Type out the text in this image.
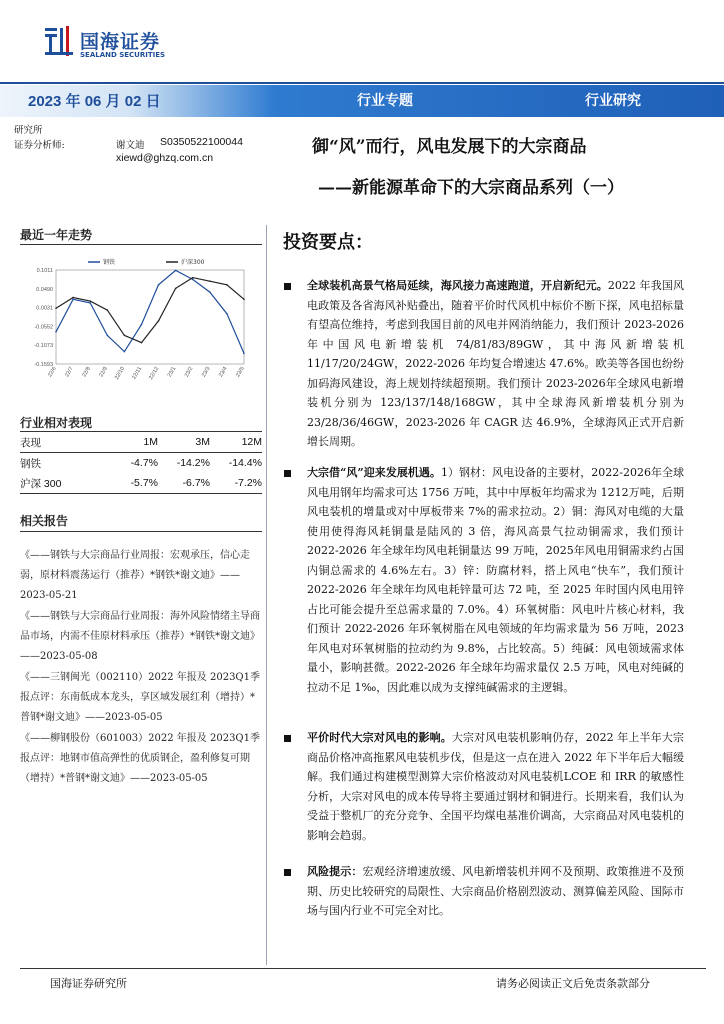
国海证券
SEALAND SECURITIES
2023 年 06 月 02 日	行业专题	行业研究
研究所
证券分析师:	谢文迪 S0350522100044
xiewd@ghzq.com.cn
御“风”而行，风电发展下的大宗商品
——新能源革命下的大宗商品系列（一）
最近一年走势
0.1011
0.0490
0.0031
-0.0552
-0.1073
-0.1593
22/6 22/7 22/8 22/9 22/10 22/11 22/12 23/1 23/2 23/3 23/4 23/5
钢铁	沪深300
行业相对表现
表现	1M	3M	12M
钢铁	-4.7%	-14.2%	-14.4%
沪深 300	-5.7%	-6.7%	-7.2%
相关报告
《——钢铁与大宗商品行业周报：宏观承压，信心走弱，原材料震荡运行（推荐）*钢铁*谢文迪》——2023-05-21
《——钢铁与大宗商品行业周报：海外风险情绪主导商品市场，内需不佳原材料承压（推荐）*钢铁*谢文迪》——2023-05-08
《——三钢闽光（002110）2022 年报及 2023Q1季报点评：东南低成本龙头，享区域发展红利（增持）*普钢*谢文迪》——2023-05-05
《——柳钢股份（601003）2022 年报及 2023Q1季报点评：地钢市值高弹性的优质钢企，盈利修复可期（增持）*普钢*谢文迪》——2023-05-05
投资要点：
全球装机高景气格局延续，海风接力高速跑道，开启新纪元。2022 年我国风电政策及各省海风补贴叠出，随着平价时代风机中标价不断下探，风电招标量有望高位维持，考虑到我国目前的风电并网消纳能力，我们预计 2023-2026 年中国风电新增装机 74/81/83/89GW，其中海风新增装机 11/17/20/24GW，2022-2026 年均复合增速达 47.6%。欧美等各国也纷纷加码海风建设，海上规划持续超预期。我们预计 2023-2026年全球风电新增装机分别为 123/137/148/168GW，其中全球海风新增装机分别为 23/28/36/46GW，2023-2026 年 CAGR 达 46.9%，全球海风正式开启新增长周期。
大宗借“风”迎来发展机遇。1）钢材：风电设备的主要材，2022-2026年全球风电用钢年均需求可达 1756 万吨，其中中厚板年均需求为 1212万吨，后期风电装机的增量或对中厚板带来 7%的需求拉动。2）铜：海风对电缆的大量使用使得海风耗铜量是陆风的 3 倍，海风高景气拉动铜需求，我们预计 2022-2026 年全球年均风电耗铜量达 99 万吨，2025年风电用铜需求约占国内铜总需求的 4.6%左右。3）锌：防腐材料，搭上风电“快车”，我们预计 2022-2026 年全球年均风电耗锌量可达 72 吨，至 2025 年时国内风电用锌占比可能会提升至总需求量的 7.0%。4）环氧树脂：风电叶片核心材料，我们预计 2022-2026 年环氧树脂在风电领域的年均需求量为 56 万吨，2023 年风电对环氧树脂的拉动约为 9.8%，占比较高。5）纯碱：风电领域需求体量小，影响甚微。2022-2026 年全球年均需求量仅 2.5 万吨，风电对纯碱的拉动不足 1‰，因此难以成为支撑纯碱需求的主逻辑。
平价时代大宗对风电的影响。大宗对风电装机影响仍存，2022 年上半年大宗商品价格冲高拖累风电装机步伐，但是这一点在进入 2022 年下半年后大幅缓解。我们通过构建模型测算大宗价格波动对风电装机LCOE 和 IRR 的敏感性分析，大宗对风电的成本传导将主要通过钢材和铜进行。长期来看，我们认为受益于整机厂的充分竞争、全国平均煤电基准价调高，大宗商品对风电装机的影响会趋弱。
风险提示：宏观经济增速放缓、风电新增装机并网不及预期、政策推进不及预期、历史比较研究的局限性、大宗商品价格剧烈波动、测算偏差风险、国际市场与国内行业不可完全对比。
国海证券研究所	请务必阅读正文后免责条款部分
